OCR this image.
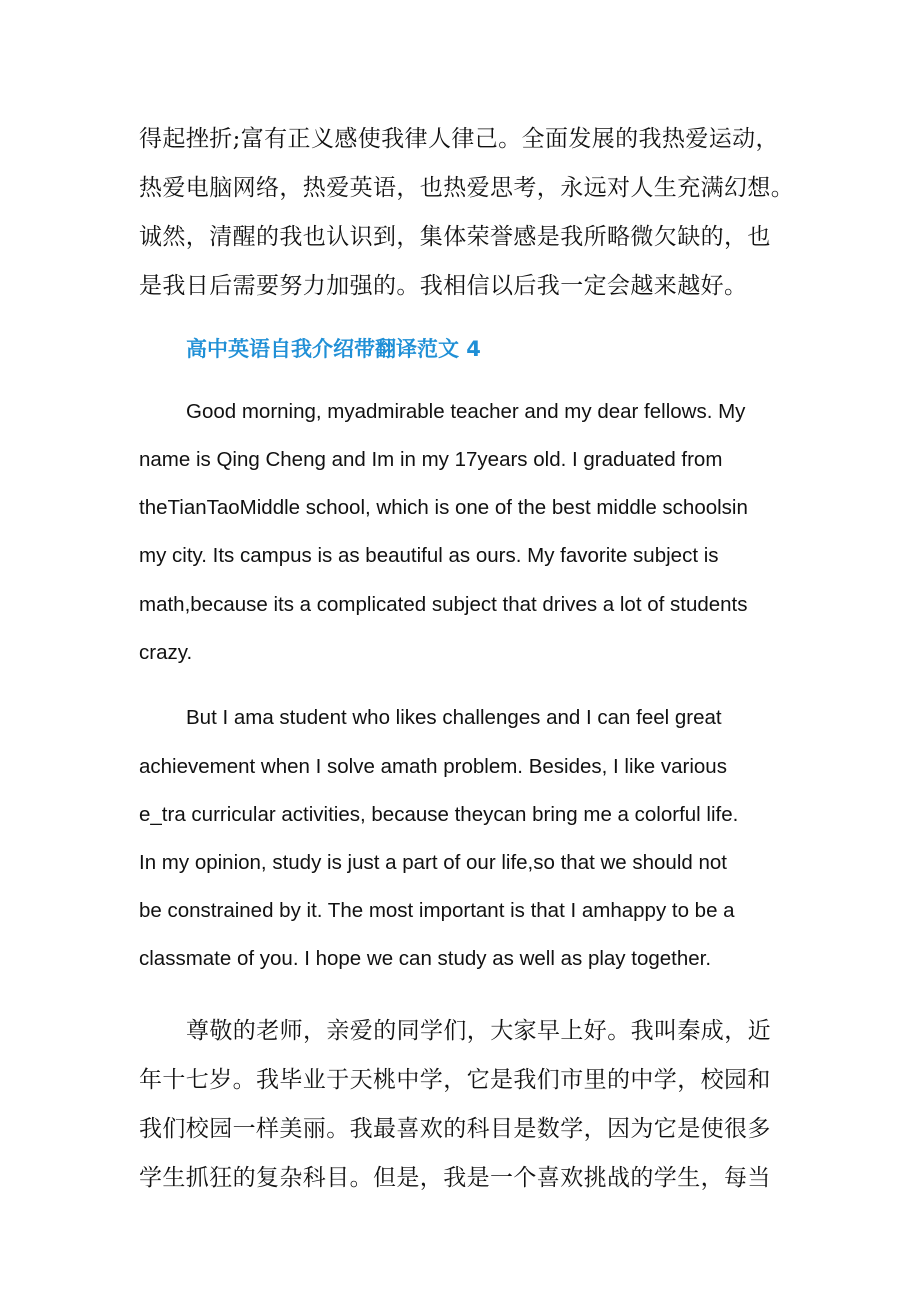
得起挫折;富有正义感使我律人律己。全面发展的我热爱运动，

热爱电脑网络，热爱英语，也热爱思考，永远对人生充满幻想。

诚然，清醒的我也认识到，集体荣誉感是我所略微欠缺的，也

是我日后需要努力加强的。我相信以后我一定会越来越好。

高中英语自我介绍带翻译范文 4

Good morning, myadmirable teacher and my dear fellows. My

name is Qing Cheng and Im in my 17years old. I graduated from

theTianTaoMiddle school, which is one of the best middle schoolsin

my city. Its campus is as beautiful as ours. My favorite subject is

math,because its a complicated subject that drives a lot of students

crazy.

But I ama student who likes challenges and I can feel great

achievement when I solve amath problem. Besides, I like various

e_tra curricular activities, because theycan bring me a colorful life.

In my opinion, study is just a part of our life,so that we should not

be constrained by it. The most important is that I amhappy to be a

classmate of you. I hope we can study as well as play together.

尊敬的老师，亲爱的同学们，大家早上好。我叫秦成，近

年十七岁。我毕业于天桃中学，它是我们市里的中学，校园和

我们校园一样美丽。我最喜欢的科目是数学，因为它是使很多

学生抓狂的复杂科目。但是，我是一个喜欢挑战的学生，每当
